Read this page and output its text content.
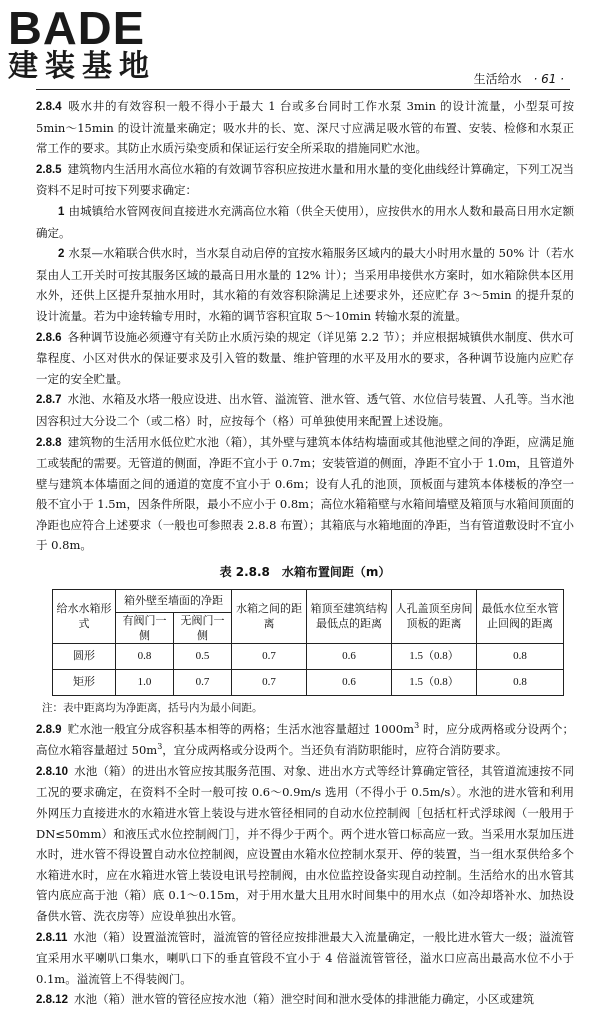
BADE
建装基地	生活给水 · 61 ·

2.8.4 吸水井的有效容积一般不得小于最大 1 台或多台同时工作水泵 3min 的设计流量，小型泵可按 5min～15min 的设计流量来确定；吸水井的长、宽、深尺寸应满足吸水管的布置、安装、检修和水泵正常工作的要求。其防止水质污染变质和保证运行安全所采取的措施同贮水池。

2.8.5 建筑物内生活用水高位水箱的有效调节容积应按进水量和用水量的变化曲线经计算确定，下列工况当资料不足时可按下列要求确定：

1 由城镇给水管网夜间直接进水充满高位水箱（供全天使用），应按供水的用水人数和最高日用水定额确定。

2 水泵—水箱联合供水时，当水泵自动启停的宜按水箱服务区域内的最大小时用水量的 50% 计（若水泵由人工开关时可按其服务区域的最高日用水量的 12% 计）；当采用串接供水方案时，如水箱除供本区用水外，还供上区提升泵抽水用时，其水箱的有效容积除满足上述要求外，还应贮存 3～5min 的提升泵的设计流量。若为中途转输专用时，水箱的调节容积宜取 5～10min 转输水泵的流量。

2.8.6 各种调节设施必须遵守有关防止水质污染的规定（详见第 2.2 节）；并应根据城镇供水制度、供水可靠程度、小区对供水的保证要求及引入管的数量、维护管理的水平及用水的要求，各种调节设施内应贮存一定的安全贮量。

2.8.7 水池、水箱及水塔一般应设进、出水管、溢流管、泄水管、透气管、水位信号装置、人孔等。当水池因容积过大分设二个（或二格）时，应按每个（格）可单独使用来配置上述设施。

2.8.8 建筑物的生活用水低位贮水池（箱），其外壁与建筑本体结构墙面或其他池壁之间的净距，应满足施工或装配的需要。无管道的侧面，净距不宜小于 0.7m；安装管道的侧面，净距不宜小于 1.0m，且管道外壁与建筑本体墙面之间的通道的宽度不宜小于 0.6m；设有人孔的池顶，顶板面与建筑本体楼板的净空一般不宜小于 1.5m，因条件所限，最小不应小于 0.8m；高位水箱箱壁与水箱间墙壁及箱顶与水箱间顶面的净距也应符合上述要求（一般也可参照表 2.8.8 布置）；其箱底与水箱地面的净距，当有管道敷设时不宜小于 0.8m。

表 2.8.8　水箱布置间距（m）
给水水箱形式	箱外壁至墙面的净距		水箱之间的距离	箱顶至建筑结构最低点的距离	人孔盖顶至房间顶板的距离	最低水位至水管止回阀的距离
	有阀门一侧	无阀门一侧				
圆形	0.8	0.5	0.7	0.6	1.5（0.8）	0.8
矩形	1.0	0.7	0.7	0.6	1.5（0.8）	0.8
注：表中距离均为净距离，括号内为最小间距。

2.8.9 贮水池一般宜分成容积基本相等的两格；生活水池容量超过 $1000m^3$ 时，应分成两格或分设两个；高位水箱容量超过 $50m^3$，宜分成两格或分设两个。当还负有消防职能时，应符合消防要求。

2.8.10 水池（箱）的进出水管应按其服务范围、对象、进出水方式等经计算确定管径，其管道流速按不同工况的要求确定，在资料不全时一般可按 0.6～0.9m/s 选用（不得小于 0.5m/s）。水池的进水管和利用外网压力直接进水的水箱进水管上装设与进水管径相同的自动水位控制阀［包括杠杆式浮球阀（一般用于 DN≤50mm）和液压式水位控制阀门］，并不得少于两个。两个进水管口标高应一致。当采用水泵加压进水时，进水管不得设置自动水位控制阀，应设置由水箱水位控制水泵开、停的装置，当一组水泵供给多个水箱进水时，应在水箱进水管上装设电讯号控制阀，由水位监控设备实现自动控制。生活给水的出水管其管内底应高于池（箱）底 0.1～0.15m，对于用水量大且用水时间集中的用水点（如冷却塔补水、加热设备供水管、洗衣房等）应设单独出水管。

2.8.11 水池（箱）设置溢流管时，溢流管的管径应按排泄最大入流量确定，一般比进水管大一级；溢流管宜采用水平喇叭口集水，喇叭口下的垂直管段不宜小于 4 倍溢流管管径，溢水口应高出最高水位不小于 0.1m。溢流管上不得装阀门。

2.8.12 水池（箱）泄水管的管径应按水池（箱）泄空时间和泄水受体的排泄能力确定，小区或建筑
